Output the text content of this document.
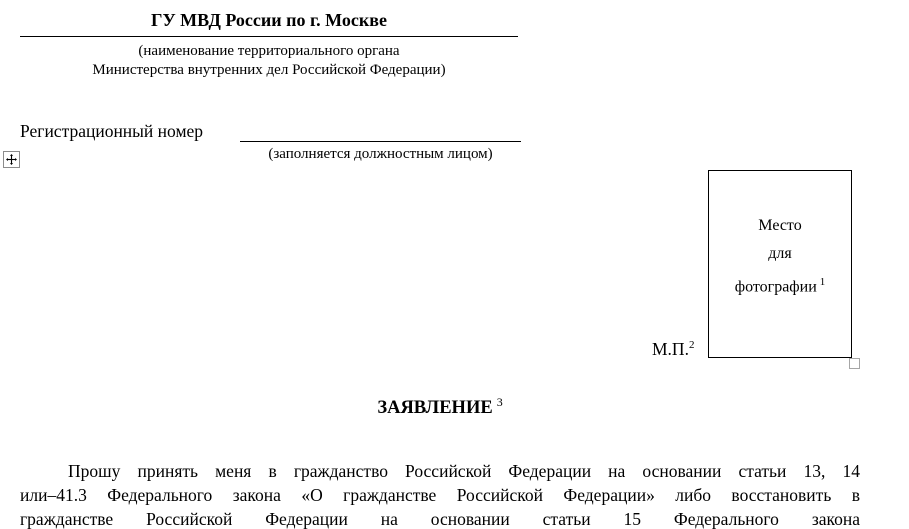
ГУ МВД России по г. Москве
(наименование территориального органа
Министерства внутренних дел Российской Федерации)
Регистрационный номер
(заполняется должностным лицом)
Место
для
фотографии $^1$
М.П.$^2$
ЗАЯВЛЕНИЕ $^3$
Прошу принять меня в гражданство Российской Федерации на основании статьи 13, 14
или–41.3 Федерального закона «О гражданстве Российской Федерации» либо восстановить в
гражданстве Российской Федерации на основании статьи 15 Федерального закона
